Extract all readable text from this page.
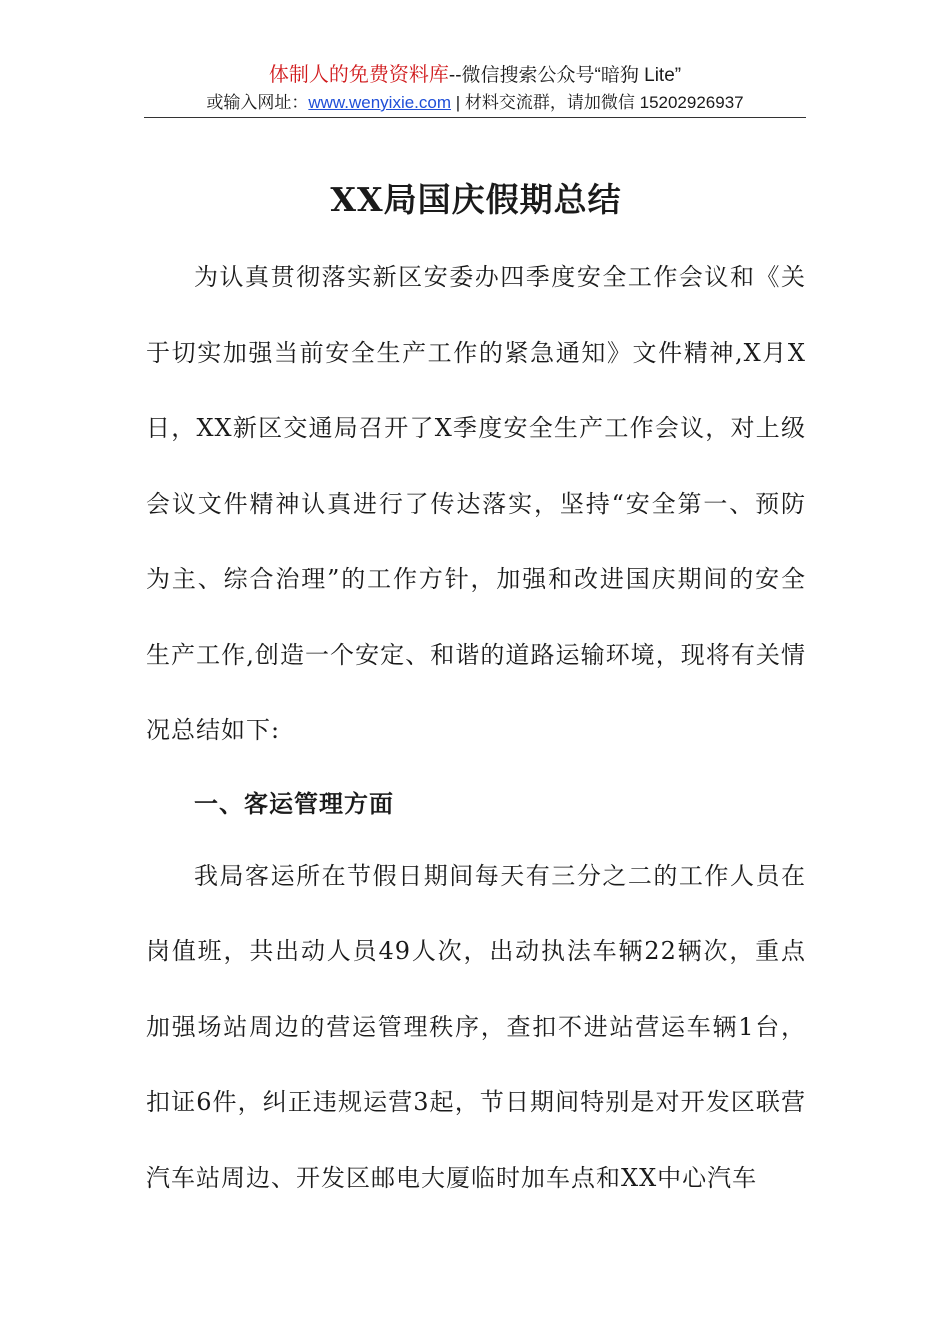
体制人的免费资料库--微信搜索公众号“暗狗 Lite”
或输入网址：www.wenyixie.com | 材料交流群，请加微信 15202926937
XX局国庆假期总结

为认真贯彻落实新区安委办四季度安全工作会议和《关于切实加强当前安全生产工作的紧急通知》文件精神,X月X日，XX新区交通局召开了X季度安全生产工作会议，对上级会议文件精神认真进行了传达落实，坚持“安全第一、预防为主、综合治理”的工作方针，加强和改进国庆期间的安全生产工作,创造一个安定、和谐的道路运输环境，现将有关情况总结如下:

一、客运管理方面

我局客运所在节假日期间每天有三分之二的工作人员在岗值班，共出动人员49人次，出动执法车辆22辆次，重点加强场站周边的营运管理秩序，查扣不进站营运车辆1台，扣证6件，纠正违规运营3起，节日期间特别是对开发区联营汽车站周边、开发区邮电大厦临时加车点和XX中心汽车
